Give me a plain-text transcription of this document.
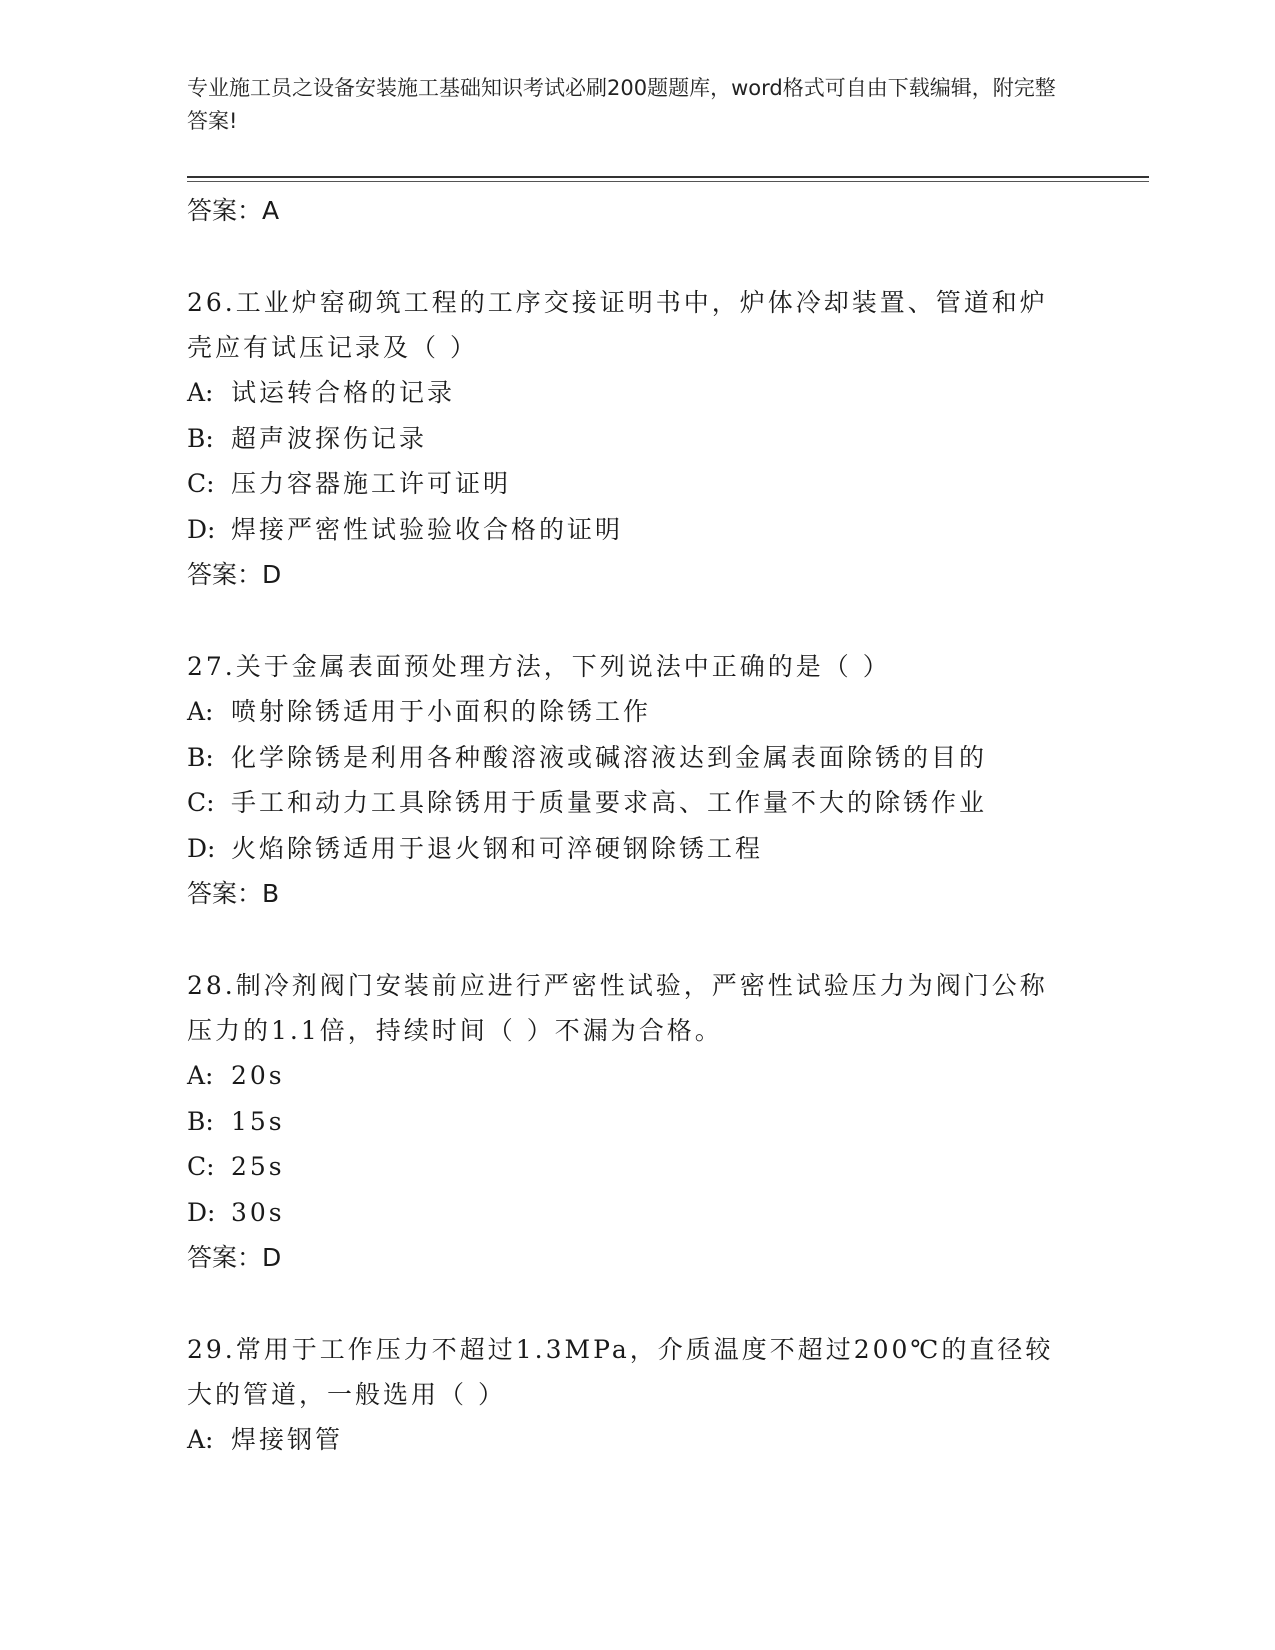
专业施工员之设备安装施工基础知识考试必刷200题题库，word格式可自由下载编辑，附完整答案!
答案：A
26.工业炉窑砌筑工程的工序交接证明书中，炉体冷却装置、管道和炉壳应有试压记录及（ ）
A: 试运转合格的记录
B: 超声波探伤记录
C: 压力容器施工许可证明
D: 焊接严密性试验验收合格的证明
答案：D
27.关于金属表面预处理方法，下列说法中正确的是（ ）
A: 喷射除锈适用于小面积的除锈工作
B: 化学除锈是利用各种酸溶液或碱溶液达到金属表面除锈的目的
C: 手工和动力工具除锈用于质量要求高、工作量不大的除锈作业
D: 火焰除锈适用于退火钢和可淬硬钢除锈工程
答案：B
28.制冷剂阀门安装前应进行严密性试验，严密性试验压力为阀门公称压力的1.1倍，持续时间（ ）不漏为合格。
A: 20s
B: 15s
C: 25s
D: 30s
答案：D
29.常用于工作压力不超过1.3MPa，介质温度不超过200℃的直径较大的管道，一般选用（ ）
A: 焊接钢管
